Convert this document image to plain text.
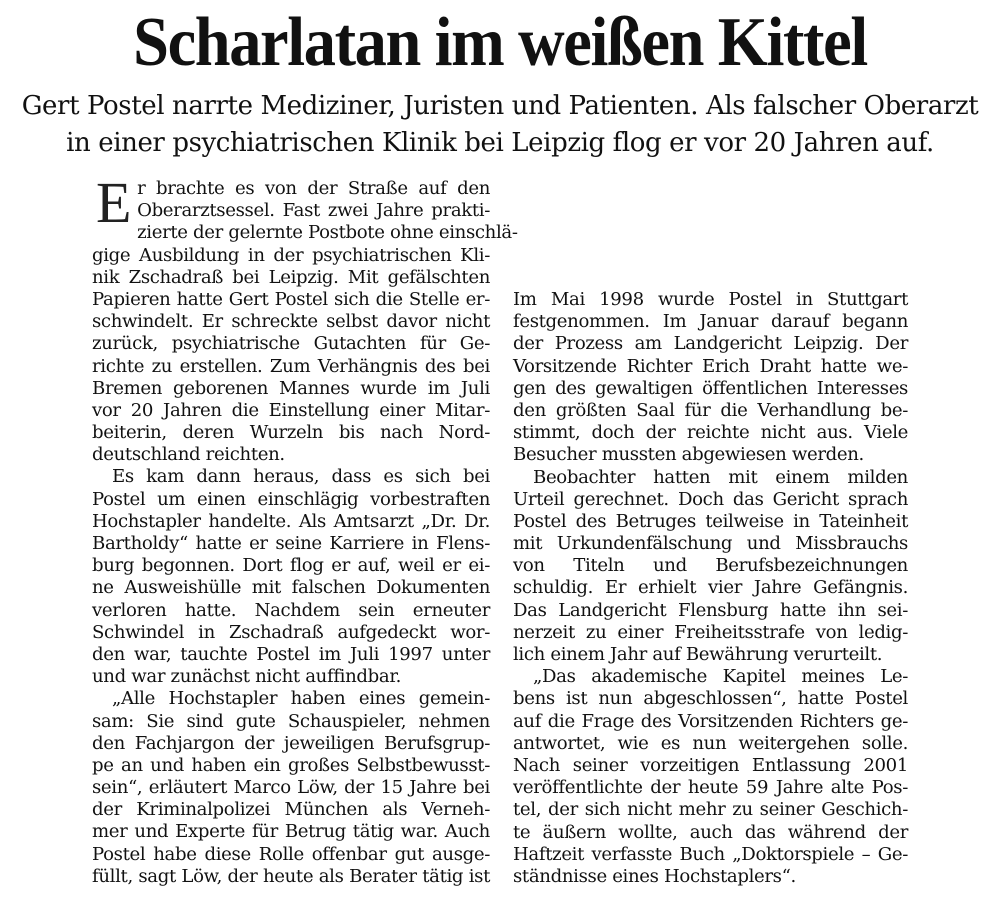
Scharlatan im weißen Kittel
Gert Postel narrte Mediziner, Juristen und Patienten. Als falscher Oberarzt
in einer psychiatrischen Klinik bei Leipzig flog er vor 20 Jahren auf.

E r brachte es von der Straße auf den
Oberarztsessel. Fast zwei Jahre prakti-
zierte der gelernte Postbote ohne einschlä-
gige Ausbildung in der psychiatrischen Kli-
nik Zschadraß bei Leipzig. Mit gefälschten
Papieren hatte Gert Postel sich die Stelle er-
schwindelt. Er schreckte selbst davor nicht
zurück, psychiatrische Gutachten für Ge-
richte zu erstellen. Zum Verhängnis des bei
Bremen geborenen Mannes wurde im Juli
vor 20 Jahren die Einstellung einer Mitar-
beiterin, deren Wurzeln bis nach Nord-
deutschland reichten.

Es kam dann heraus, dass es sich bei
Postel um einen einschlägig vorbestraften
Hochstapler handelte. Als Amtsarzt „Dr. Dr.
Bartholdy“ hatte er seine Karriere in Flens-
burg begonnen. Dort flog er auf, weil er ei-
ne Ausweishülle mit falschen Dokumenten
verloren hatte. Nachdem sein erneuter
Schwindel in Zschadraß aufgedeckt wor-
den war, tauchte Postel im Juli 1997 unter
und war zunächst nicht auffindbar.

„Alle Hochstapler haben eines gemein-
sam: Sie sind gute Schauspieler, nehmen
den Fachjargon der jeweiligen Berufsgrup-
pe an und haben ein großes Selbstbewusst-
sein“, erläutert Marco Löw, der 15 Jahre bei
der Kriminalpolizei München als Verneh-
mer und Experte für Betrug tätig war. Auch
Postel habe diese Rolle offenbar gut ausge-
füllt, sagt Löw, der heute als Berater tätig ist

Im Mai 1998 wurde Postel in Stuttgart
festgenommen. Im Januar darauf begann
der Prozess am Landgericht Leipzig. Der
Vorsitzende Richter Erich Draht hatte we-
gen des gewaltigen öffentlichen Interesses
den größten Saal für die Verhandlung be-
stimmt, doch der reichte nicht aus. Viele
Besucher mussten abgewiesen werden.

Beobachter hatten mit einem milden
Urteil gerechnet. Doch das Gericht sprach
Postel des Betruges teilweise in Tateinheit
mit Urkundenfälschung und Missbrauchs
von Titeln und Berufsbezeichnungen
schuldig. Er erhielt vier Jahre Gefängnis.
Das Landgericht Flensburg hatte ihn sei-
nerzeit zu einer Freiheitsstrafe von ledig-
lich einem Jahr auf Bewährung verurteilt.

„Das akademische Kapitel meines Le-
bens ist nun abgeschlossen“, hatte Postel
auf die Frage des Vorsitzenden Richters ge-
antwortet, wie es nun weitergehen solle.
Nach seiner vorzeitigen Entlassung 2001
veröffentlichte der heute 59 Jahre alte Pos-
tel, der sich nicht mehr zu seiner Geschich-
te äußern wollte, auch das während der
Haftzeit verfasste Buch „Doktorspiele – Ge-
ständnisse eines Hochstaplers“.
